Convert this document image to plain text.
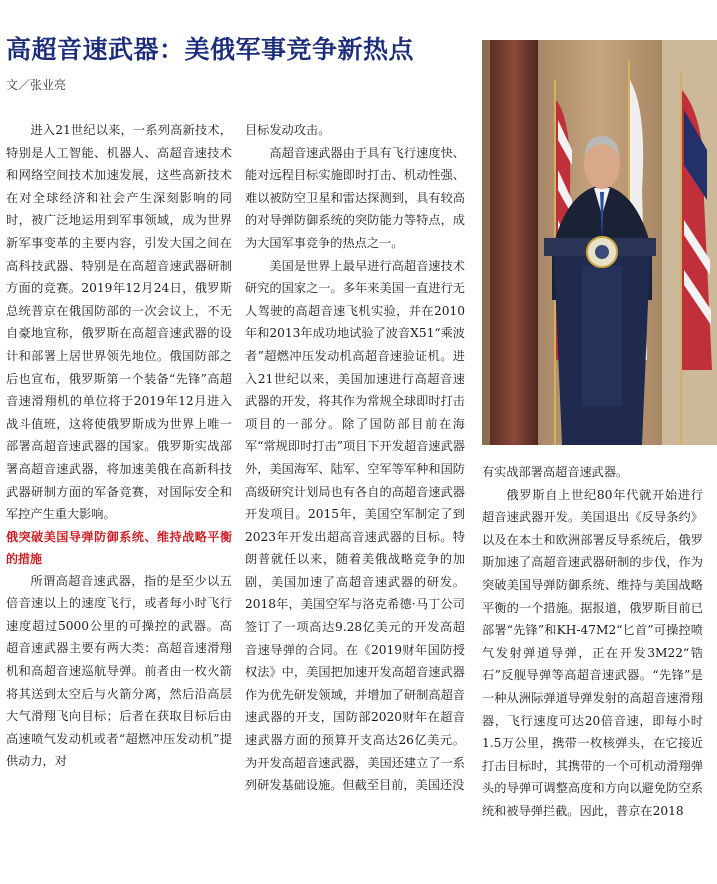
高超音速武器：美俄军事竞争新热点
文／张业亮

进入21世纪以来，一系列高新技术，特别是人工智能、机器人、高超音速技术和网络空间技术加速发展，这些高新技术在对全球经济和社会产生深刻影响的同时，被广泛地运用到军事领域，成为世界新军事变革的主要内容，引发大国之间在高科技武器、特别是在高超音速武器研制方面的竞赛。2019年12月24日，俄罗斯总统普京在俄国防部的一次会议上，不无自豪地宣称，俄罗斯在高超音速武器的设计和部署上居世界领先地位。俄国防部之后也宣布，俄罗斯第一个装备“先锋”高超音速滑翔机的单位将于2019年12月进入战斗值班，这将使俄罗斯成为世界上唯一部署高超音速武器的国家。俄罗斯实战部署高超音速武器，将加速美俄在高新科技武器研制方面的军备竞赛，对国际安全和军控产生重大影响。

俄突破美国导弹防御系统、维持战略平衡的措施

所谓高超音速武器，指的是至少以五倍音速以上的速度飞行，或者每小时飞行速度超过5000公里的可操控的武器。高超音速武器主要有两大类：高超音速滑翔机和高超音速巡航导弹。前者由一枚火箭将其送到太空后与火箭分离，然后沿高层大气滑翔飞向目标；后者在获取目标后由高速喷气发动机或者“超燃冲压发动机”提供动力，对

目标发动攻击。

高超音速武器由于具有飞行速度快、能对远程目标实施即时打击、机动性强、难以被防空卫星和雷达探测到，具有较高的对导弹防御系统的突防能力等特点，成为大国军事竞争的热点之一。

美国是世界上最早进行高超音速技术研究的国家之一。多年来美国一直进行无人驾驶的高超音速飞机实验，并在2010年和2013年成功地试验了波音X51“乘波者”超燃冲压发动机高超音速验证机。进入21世纪以来，美国加速进行高超音速武器的开发，将其作为常规全球即时打击项目的一部分。除了国防部目前在海军“常规即时打击”项目下开发超音速武器外，美国海军、陆军、空军等军种和国防高级研究计划局也有各自的高超音速武器开发项目。2015年，美国空军制定了到2023年开发出超高音速武器的目标。特朗普就任以来，随着美俄战略竞争的加剧，美国加速了高超音速武器的研发。2018年，美国空军与洛克希德·马丁公司签订了一项高达9.28亿美元的开发高超音速导弹的合同。在《2019财年国防授权法》中，美国把加速开发高超音速武器作为优先研发领域，并增加了研制高超音速武器的开支，国防部2020财年在超音速武器方面的预算开支高达26亿美元。为开发高超音速武器，美国还建立了一系列研发基础设施。但截至目前，美国还没

有实战部署高超音速武器。

俄罗斯自上世纪80年代就开始进行超音速武器开发。美国退出《反导条约》以及在本土和欧洲部署反导系统后，俄罗斯加速了高超音速武器研制的步伐，作为突破美国导弹防御系统、维持与美国战略平衡的一个措施。据报道，俄罗斯目前已部署“先锋”和KH-47M2“匕首”可操控喷气发射弹道导弹，正在开发3M22“锆石”反舰导弹等高超音速武器。“先锋”是一种从洲际弹道导弹发射的高超音速滑翔器，飞行速度可达20倍音速，即每小时1.5万公里，携带一枚核弹头，在它接近打击目标时，其携带的一个可机动滑翔弹头的导弹可调整高度和方向以避免防空系统和被导弹拦截。因此，普京在2018
